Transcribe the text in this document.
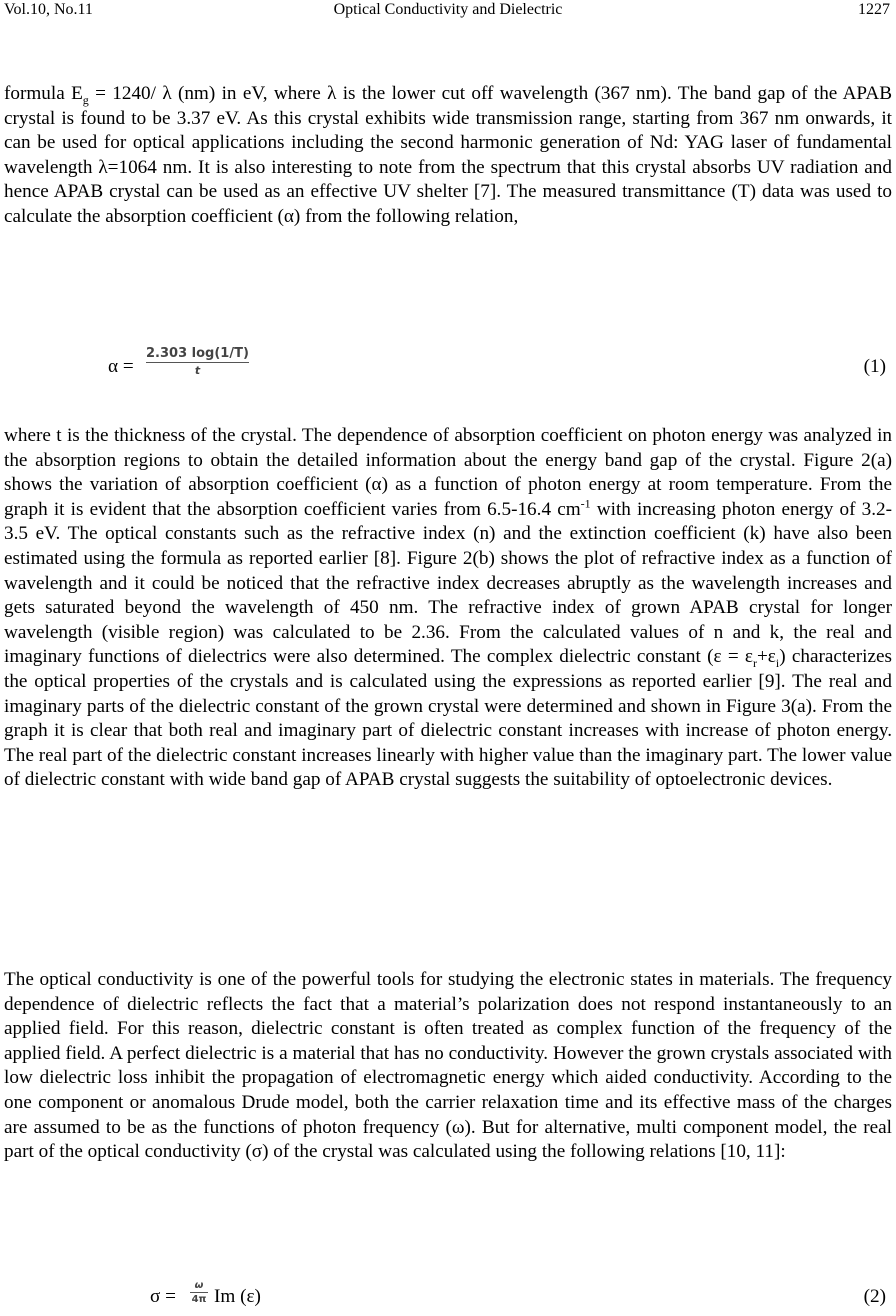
Vol.10, No.11	Optical Conductivity and Dielectric	1227

formula $E_g = 1240/$ λ (nm) in eV, where λ is the lower cut off wavelength (367 nm). The band gap of the APAB crystal is found to be 3.37 eV. As this crystal exhibits wide transmission range, starting from 367 nm onwards, it can be used for optical applications including the second harmonic generation of Nd: YAG laser of fundamental wavelength λ=1064 nm. It is also interesting to note from the spectrum that this crystal absorbs UV radiation and hence APAB crystal can be used as an effective UV shelter [7]. The measured transmittance (T) data was used to calculate the absorption coefficient (α) from the following relation,

α =
2.303 log(1/T)
t	(1)

where t is the thickness of the crystal. The dependence of absorption coefficient on photon energy was analyzed in the absorption regions to obtain the detailed information about the energy band gap of the crystal. Figure 2(a) shows the variation of absorption coefficient (α) as a function of photon energy at room temperature. From the graph it is evident that the absorption coefficient varies from 6.5-16.4 $cm^{-1}$ with increasing photon energy of 3.2-3.5 eV. The optical constants such as the refractive index (n) and the extinction coefficient (k) have also been estimated using the formula as reported earlier [8]. Figure 2(b) shows the plot of refractive index as a function of wavelength and it could be noticed that the refractive index decreases abruptly as the wavelength increases and gets saturated beyond the wavelength of 450 nm. The refractive index of grown APAB crystal for longer wavelength (visible region) was calculated to be 2.36. From the calculated values of n and k, the real and imaginary functions of dielectrics were also determined. The complex dielectric constant $(\varepsilon = \varepsilon_r+\varepsilon_i)$ characterizes the optical properties of the crystals and is calculated using the expressions as reported earlier [9]. The real and imaginary parts of the dielectric constant of the grown crystal were determined and shown in Figure 3(a). From the graph it is clear that both real and imaginary part of dielectric constant increases with increase of photon energy. The real part of the dielectric constant increases linearly with higher value than the imaginary part. The lower value of dielectric constant with wide band gap of APAB crystal suggests the suitability of optoelectronic devices.

The optical conductivity is one of the powerful tools for studying the electronic states in materials. The frequency dependence of dielectric reflects the fact that a material’s polarization does not respond instantaneously to an applied field. For this reason, dielectric constant is often treated as complex function of the frequency of the applied field. A perfect dielectric is a material that has no conductivity. However the grown crystals associated with low dielectric loss inhibit the propagation of electromagnetic energy which aided conductivity. According to the one component or anomalous Drude model, both the carrier relaxation time and its effective mass of the charges are assumed to be as the functions of photon frequency (ω). But for alternative, multi component model, the real part of the optical conductivity (σ) of the crystal was calculated using the following relations [10, 11]:

σ =
ω
4π Im (ε)	(2)
